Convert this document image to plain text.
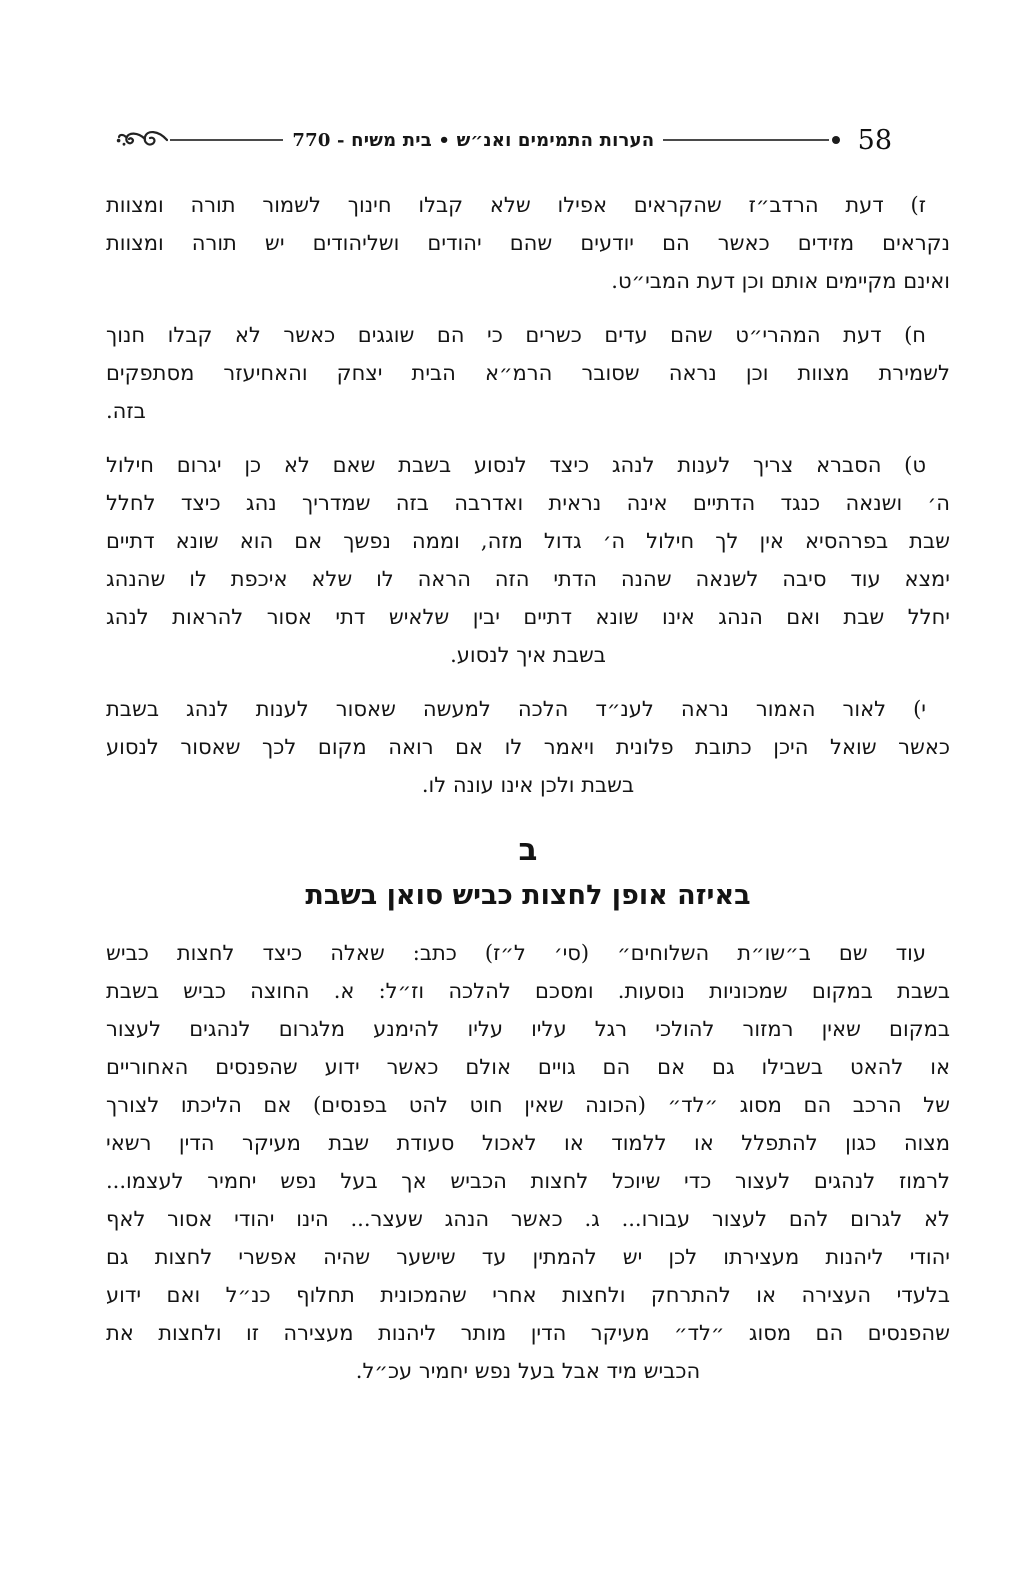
הערות התמימים ואנ״ש • בית משיח - 770	58
ז) דעת הרדב״ז שהקראים אפילו שלא קבלו חינוך לשמור תורה ומצוות
נקראים מזידים כאשר הם יודעים שהם יהודים ושליהודים יש תורה ומצוות
ואינם מקיימים אותם וכן דעת המבי״ט.
ח) דעת המהרי״ט שהם עדים כשרים כי הם שוגגים כאשר לא קבלו חנוך
לשמירת מצוות וכן נראה שסובר הרמ״א הבית יצחק והאחיעזר מסתפקים
בזה.
ט) הסברא צריך לענות לנהג כיצד לנסוע בשבת שאם לא כן יגרום חילול
ה׳ ושנאה כנגד הדתיים אינה נראית ואדרבה בזה שמדריך נהג כיצד לחלל
שבת בפרהסיא אין לך חילול ה׳ גדול מזה, וממה נפשך אם הוא שונא דתיים
ימצא עוד סיבה לשנאה שהנה הדתי הזה הראה לו שלא איכפת לו שהנהג
יחלל שבת ואם הנהג אינו שונא דתיים יבין שלאיש דתי אסור להראות לנהג
בשבת איך לנסוע.
י) לאור האמור נראה לענ״ד הלכה למעשה שאסור לענות לנהג בשבת
כאשר שואל היכן כתובת פלונית ויאמר לו אם רואה מקום לכך שאסור לנסוע
בשבת ולכן אינו עונה לו.
ב
באיזה אופן לחצות כביש סואן בשבת
עוד שם ב״שו״ת השלוחים״ (סי׳ ל״ז) כתב: שאלה כיצד לחצות כביש
בשבת במקום שמכוניות נוסעות. ומסכם להלכה וז״ל: א. החוצה כביש בשבת
במקום שאין רמזור להולכי רגל עליו עליו להימנע מלגרום לנהגים לעצור
או להאט בשבילו גם אם הם גויים אולם כאשר ידוע שהפנסים האחוריים
של הרכב הם מסוג ״לד״ (הכונה שאין חוט להט בפנסים) אם הליכתו לצורך
מצוה כגון להתפלל או ללמוד או לאכול סעודת שבת מעיקר הדין רשאי
לרמוז לנהגים לעצור כדי שיוכל לחצות הכביש אך בעל נפש יחמיר לעצמו...
לא לגרום להם לעצור עבורו... ג. כאשר הנהג שעצר... הינו יהודי אסור לאף
יהודי ליהנות מעצירתו לכן יש להמתין עד שישער שהיה אפשרי לחצות גם
בלעדי העצירה או להתרחק ולחצות אחרי שהמכונית תחלוף כנ״ל ואם ידוע
שהפנסים הם מסוג ״לד״ מעיקר הדין מותר ליהנות מעצירה זו ולחצות את
הכביש מיד אבל בעל נפש יחמיר עכ״ל.
